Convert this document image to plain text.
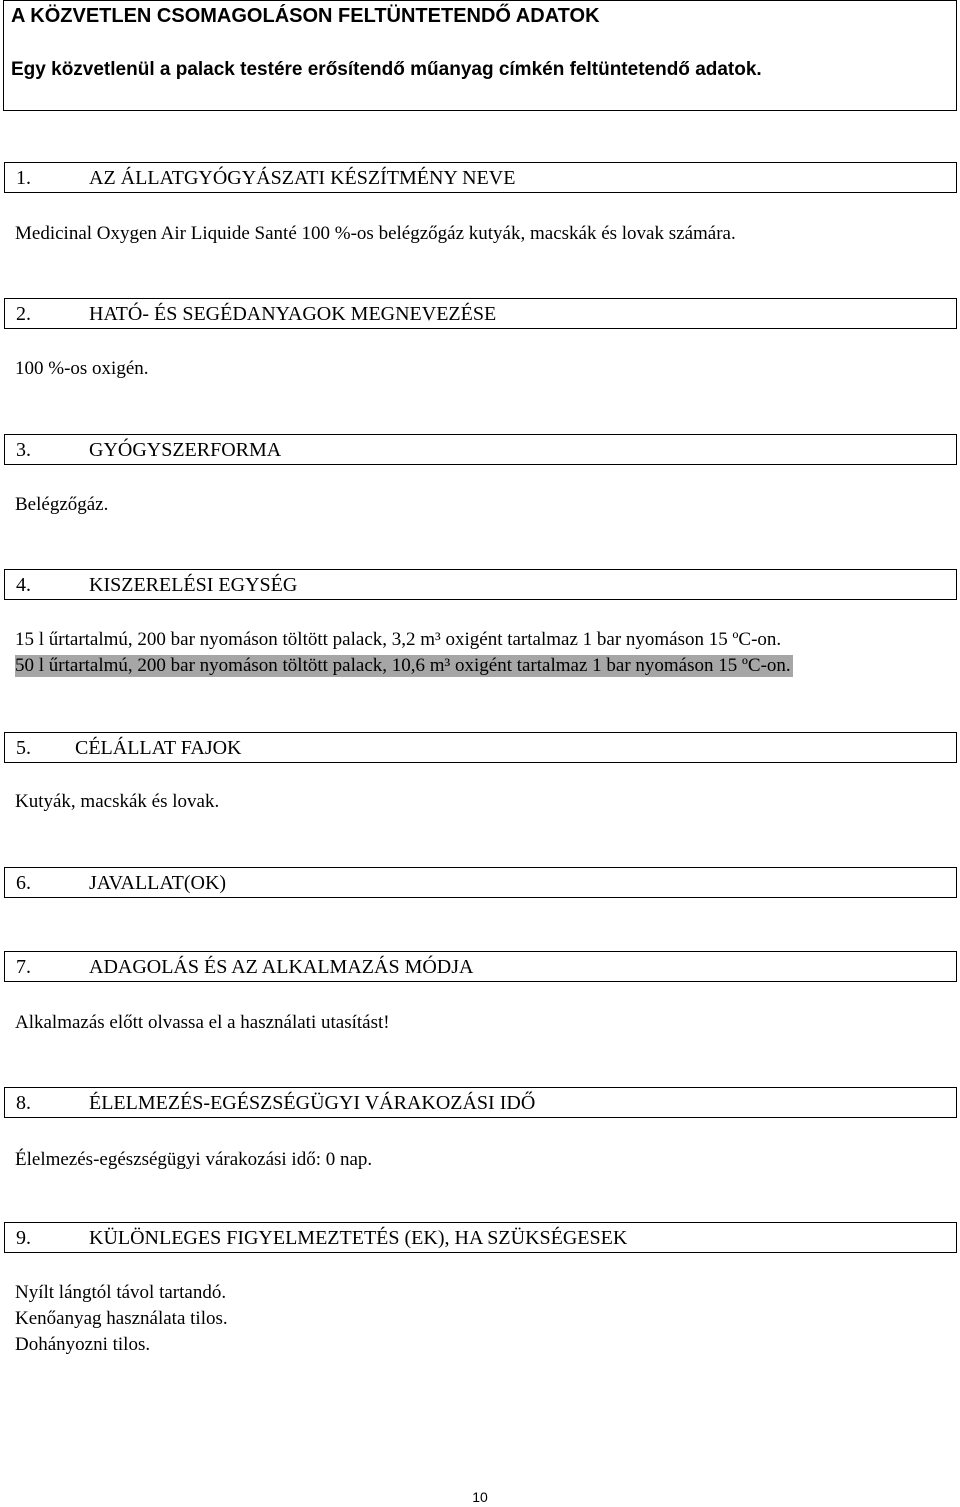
A KÖZVETLEN CSOMAGOLÁSON FELTÜNTETENDŐ ADATOK
Egy közvetlenül a palack testére erősítendő műanyag címkén feltüntetendő adatok.
1.	AZ ÁLLATGYÓGYÁSZATI KÉSZÍTMÉNY NEVE
Medicinal Oxygen Air Liquide Santé 100 %-os belégzőgáz kutyák, macskák és lovak számára.
2.	HATÓ- ÉS SEGÉDANYAGOK MEGNEVEZÉSE
100 %-os oxigén.
3.	GYÓGYSZERFORMA
Belégzőgáz.
4.	KISZERELÉSI EGYSÉG
15 l űrtartalmú, 200 bar nyomáson töltött palack, 3,2 m³ oxigént tartalmaz 1 bar nyomáson 15 ºC-on.
50 l űrtartalmú, 200 bar nyomáson töltött palack, 10,6 m³ oxigént tartalmaz 1 bar nyomáson 15 ºC-on.
5. CÉLÁLLAT FAJOK
Kutyák, macskák és lovak.
6.	JAVALLAT(OK)
7.	ADAGOLÁS ÉS AZ ALKALMAZÁS MÓDJA
Alkalmazás előtt olvassa el a használati utasítást!
8.	ÉLELMEZÉS-EGÉSZSÉGÜGYI VÁRAKOZÁSI IDŐ
Élelmezés-egészségügyi várakozási idő: 0 nap.
9.	KÜLÖNLEGES FIGYELMEZTETÉS (EK), HA SZÜKSÉGESEK
Nyílt lángtól távol tartandó.
Kenőanyag használata tilos.
Dohányozni tilos.
10
